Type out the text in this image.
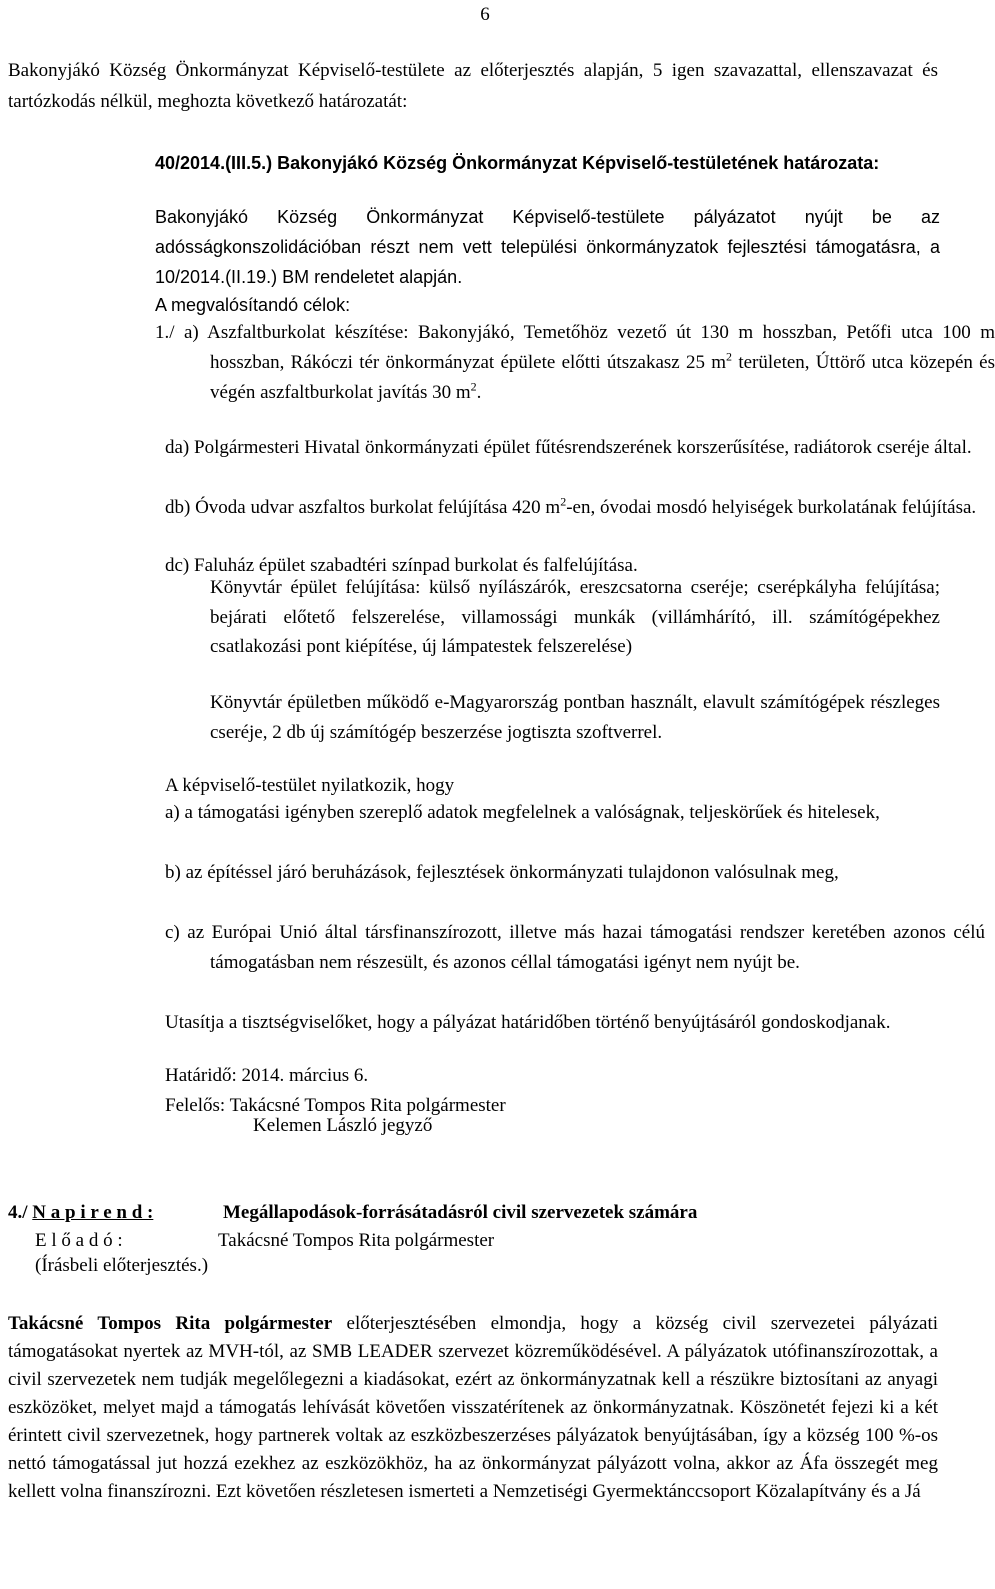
6

Bakonyjákó Község Önkormányzat Képviselő-testülete az előterjesztés alapján, 5 igen szavazattal, ellenszavazat és tartózkodás nélkül, meghozta következő határozatát:

40/2014.(III.5.) Bakonyjákó Község Önkormányzat Képviselő-testületének határozata:

Bakonyjákó Község Önkormányzat Képviselő-testülete pályázatot nyújt be az adósságkonszolidációban részt nem vett települési önkormányzatok fejlesztési támogatásra, a 10/2014.(II.19.) BM rendeletet alapján.

A megvalósítandó célok:

1./ a) Aszfaltburkolat készítése: Bakonyjákó, Temetőhöz vezető út 130 m hosszban, Petőfi utca 100 m hosszban, Rákóczi tér önkormányzat épülete előtti útszakasz 25 $m^2$ területen, Úttörő utca közepén és végén aszfaltburkolat javítás 30 $m^2$.

da) Polgármesteri Hivatal önkormányzati épület fűtésrendszerének korszerűsítése, radiátorok cseréje által.

db) Óvoda udvar aszfaltos burkolat felújítása 420 $m^2-en$, óvodai mosdó helyiségek burkolatának felújítása.

dc) Faluház épület szabadtéri színpad burkolat és falfelújítása.

Könyvtár épület felújítása: külső nyílászárók, ereszcsatorna cseréje; cserépkályha felújítása; bejárati előtető felszerelése, villamossági munkák (villámhárító, ill. számítógépekhez csatlakozási pont kiépítése, új lámpatestek felszerelése)

Könyvtár épületben működő e-Magyarország pontban használt, elavult számítógépek részleges cseréje, 2 db új számítógép beszerzése jogtiszta szoftverrel.

A képviselő-testület nyilatkozik, hogy

a) a támogatási igényben szereplő adatok megfelelnek a valóságnak, teljeskörűek és hitelesek,

b) az építéssel járó beruházások, fejlesztések önkormányzati tulajdonon valósulnak meg,

c) az Európai Unió által társfinanszírozott, illetve más hazai támogatási rendszer keretében azonos célú támogatásban nem részesült, és azonos céllal támogatási igényt nem nyújt be.

Utasítja a tisztségviselőket, hogy a pályázat határidőben történő benyújtásáról gondoskodjanak.

Határidő: 2014. március 6.

Felelős: Takácsné Tompos Rita polgármester

Kelemen László jegyző

4./ N a p i r e n d :	Megállapodások-forrásátadásról civil szervezetek számára
E l ő a d ó :	Takácsné Tompos Rita polgármester

(Írásbeli előterjesztés.)

Takácsné Tompos Rita polgármester előterjesztésében elmondja, hogy a község civil szervezetei pályázati támogatásokat nyertek az MVH-tól, az SMB LEADER szervezet közreműködésével. A pályázatok utófinanszírozottak, a civil szervezetek nem tudják megelőlegezni a kiadásokat, ezért az önkormányzatnak kell a részükre biztosítani az anyagi eszközöket, melyet majd a támogatás lehívását követően visszatérítenek az önkormányzatnak. Köszönetét fejezi ki a két érintett civil szervezetnek, hogy partnerek voltak az eszközbeszerzéses pályázatok benyújtásában, így a község 100 %-os nettó támogatással jut hozzá ezekhez az eszközökhöz, ha az önkormányzat pályázott volna, akkor az Áfa összegét meg kellett volna finanszírozni. Ezt követően részletesen ismerteti a Nemzetiségi Gyermektánccsoport Közalapítvány és a Já
